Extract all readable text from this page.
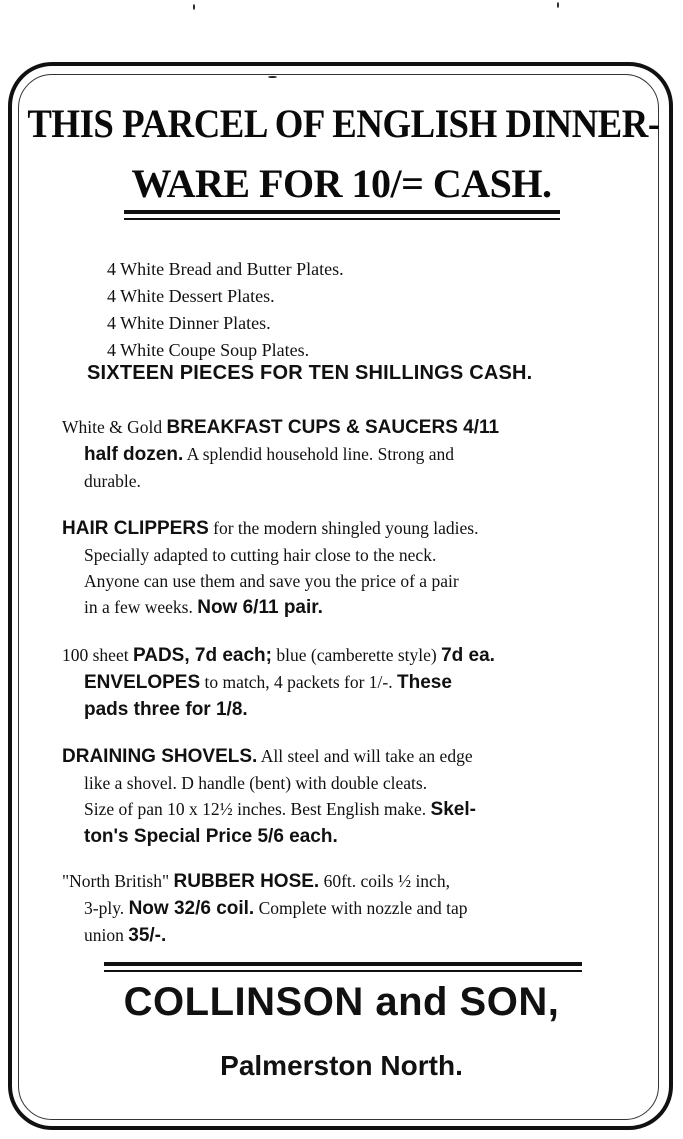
THIS PARCEL OF ENGLISH DINNER-
WARE FOR 10/= CASH.
4 White Bread and Butter Plates.
4 White Dessert Plates.
4 White Dinner Plates.
4 White Coupe Soup Plates.
SIXTEEN PIECES FOR TEN SHILLINGS CASH.
White & Gold BREAKFAST CUPS & SAUCERS 4/11
half dozen. A splendid household line. Strong and
durable.
HAIR CLIPPERS for the modern shingled young ladies.
Specially adapted to cutting hair close to the neck.
Anyone can use them and save you the price of a pair
in a few weeks. Now 6/11 pair.
100 sheet PADS, 7d each; blue (camberette style) 7d ea.
ENVELOPES to match, 4 packets for 1/-. These
pads three for 1/8.
DRAINING SHOVELS. All steel and will take an edge
like a shovel. D handle (bent) with double cleats.
Size of pan 10 x 12½ inches. Best English make. Skel-
ton's Special Price 5/6 each.
"North British" RUBBER HOSE. 60ft. coils ½ inch,
3-ply. Now 32/6 coil. Complete with nozzle and tap
union 35/-.
COLLINSON and SON,
Palmerston North.
